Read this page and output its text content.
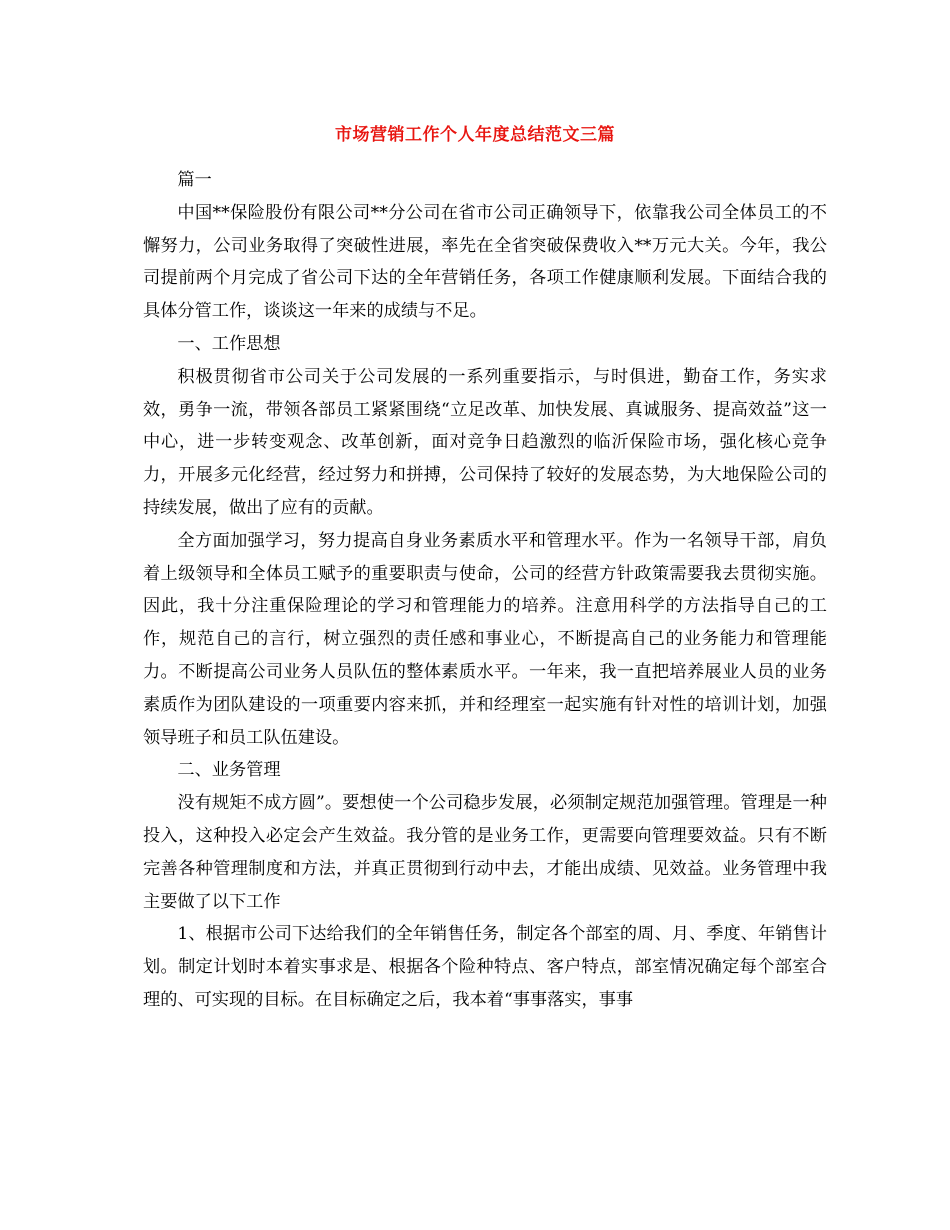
市场营销工作个人年度总结范文三篇

篇一

中国**保险股份有限公司**分公司在省市公司正确领导下，依靠我公司全体员工的不懈努力，公司业务取得了突破性进展，率先在全省突破保费收入**万元大关。今年，我公司提前两个月完成了省公司下达的全年营销任务，各项工作健康顺利发展。下面结合我的具体分管工作，谈谈这一年来的成绩与不足。

一、工作思想

积极贯彻省市公司关于公司发展的一系列重要指示，与时俱进，勤奋工作，务实求效，勇争一流，带领各部员工紧紧围绕“立足改革、加快发展、真诚服务、提高效益”这一中心，进一步转变观念、改革创新，面对竞争日趋激烈的临沂保险市场，强化核心竞争力，开展多元化经营，经过努力和拼搏，公司保持了较好的发展态势，为大地保险公司的持续发展，做出了应有的贡献。

全方面加强学习，努力提高自身业务素质水平和管理水平。作为一名领导干部，肩负着上级领导和全体员工赋予的重要职责与使命，公司的经营方针政策需要我去贯彻实施。因此，我十分注重保险理论的学习和管理能力的培养。注意用科学的方法指导自己的工作，规范自己的言行，树立强烈的责任感和事业心，不断提高自己的业务能力和管理能力。不断提高公司业务人员队伍的整体素质水平。一年来，我一直把培养展业人员的业务素质作为团队建设的一项重要内容来抓，并和经理室一起实施有针对性的培训计划，加强领导班子和员工队伍建设。

二、业务管理

没有规矩不成方圆”。要想使一个公司稳步发展，必须制定规范加强管理。管理是一种投入，这种投入必定会产生效益。我分管的是业务工作，更需要向管理要效益。只有不断完善各种管理制度和方法，并真正贯彻到行动中去，才能出成绩、见效益。业务管理中我主要做了以下工作

1、根据市公司下达给我们的全年销售任务，制定各个部室的周、月、季度、年销售计划。制定计划时本着实事求是、根据各个险种特点、客户特点，部室情况确定每个部室合理的、可实现的目标。在目标确定之后，我本着“事事落实，事事
